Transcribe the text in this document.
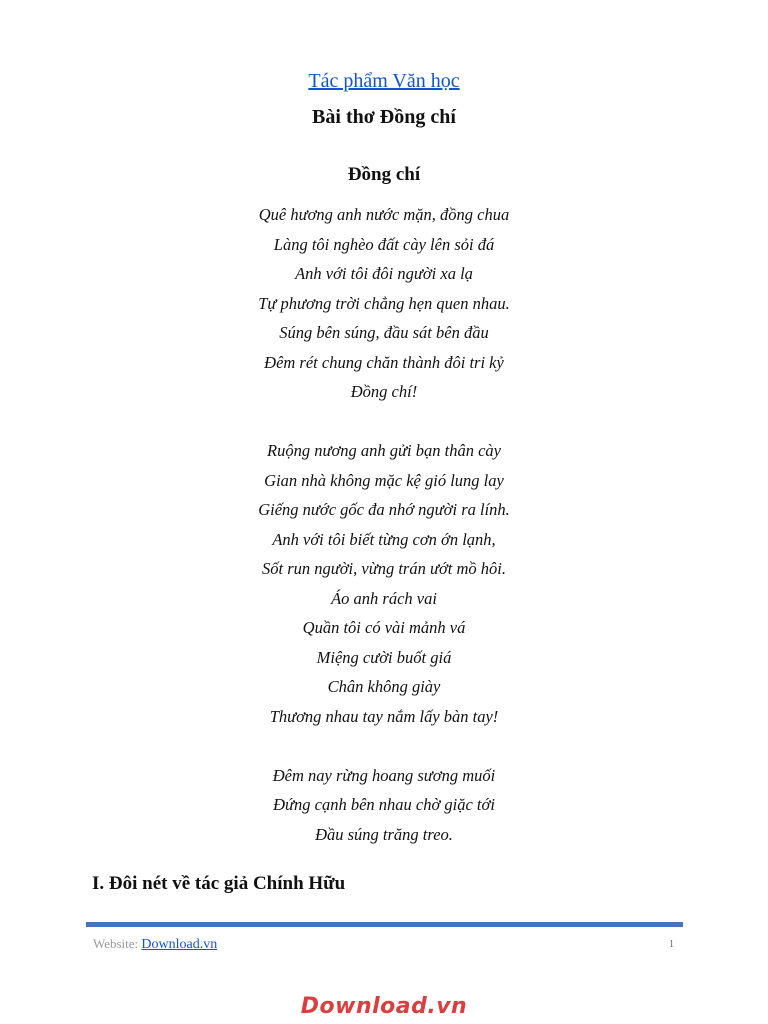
Tác phẩm Văn học
Bài thơ Đồng chí
Đồng chí
Quê hương anh nước mặn, đồng chua
Làng tôi nghèo đất cày lên sỏi đá
Anh với tôi đôi người xa lạ
Tự phương trời chẳng hẹn quen nhau.
Súng bên súng, đầu sát bên đầu
Đêm rét chung chăn thành đôi tri kỷ
Đồng chí!
Ruộng nương anh gửi bạn thân cày
Gian nhà không mặc kệ gió lung lay
Giếng nước gốc đa nhớ người ra lính.
Anh với tôi biết từng cơn ớn lạnh,
Sốt run người, vừng trán ướt mồ hôi.
Áo anh rách vai
Quần tôi có vài mảnh vá
Miệng cười buốt giá
Chân không giày
Thương nhau tay nắm lấy bàn tay!
Đêm nay rừng hoang sương muối
Đứng cạnh bên nhau chờ giặc tới
Đầu súng trăng treo.
I. Đôi nét về tác giả Chính Hữu
Website: Download.vn	1
Download.vn
